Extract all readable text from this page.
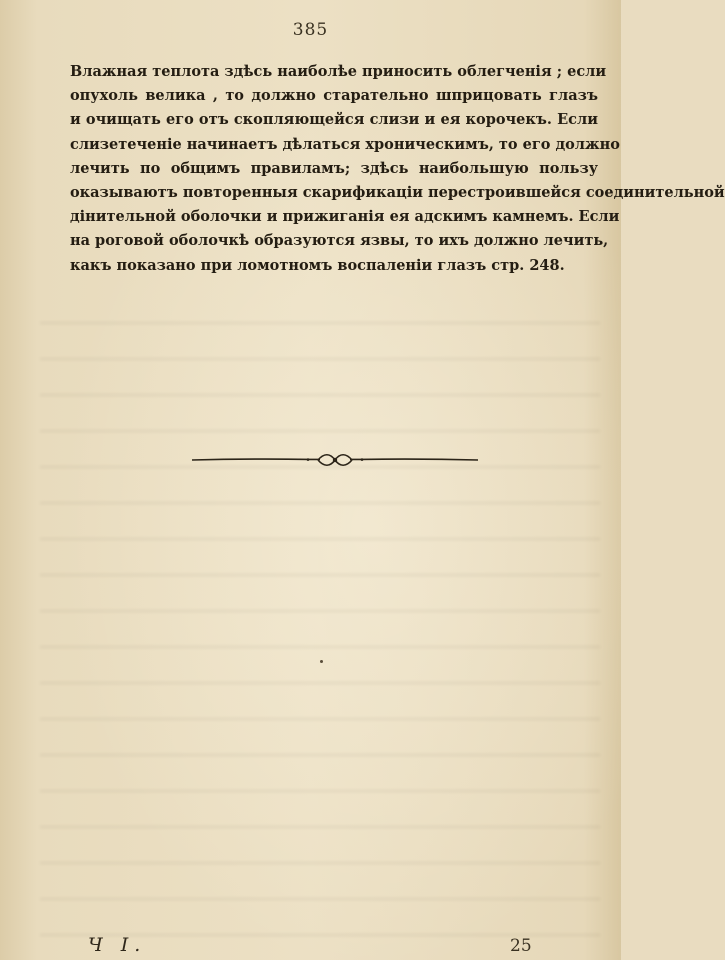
385
Влажная теплота здѣсь наиболѣе приносить облегченія ; если
опухоль велика , то должно старательно шприцовать глазъ
и очищать его отъ скопляющейся слизи и ея корочекъ. Если
слизетеченіе начинаетъ дѣлаться хроническимъ, то его должно
лечить по общимъ правиламъ; здѣсь наибольшую пользу
оказываютъ повторенныя скарификаціи перестроившейся соединительной
дінительной оболочки и прижиганія ея адскимъ камнемъ. Если
на роговой оболочкѣ образуются язвы, то ихъ должно лечить,
какъ показано при ломотномъ воспаленіи глазъ стр. 248.
Ч I.	25
